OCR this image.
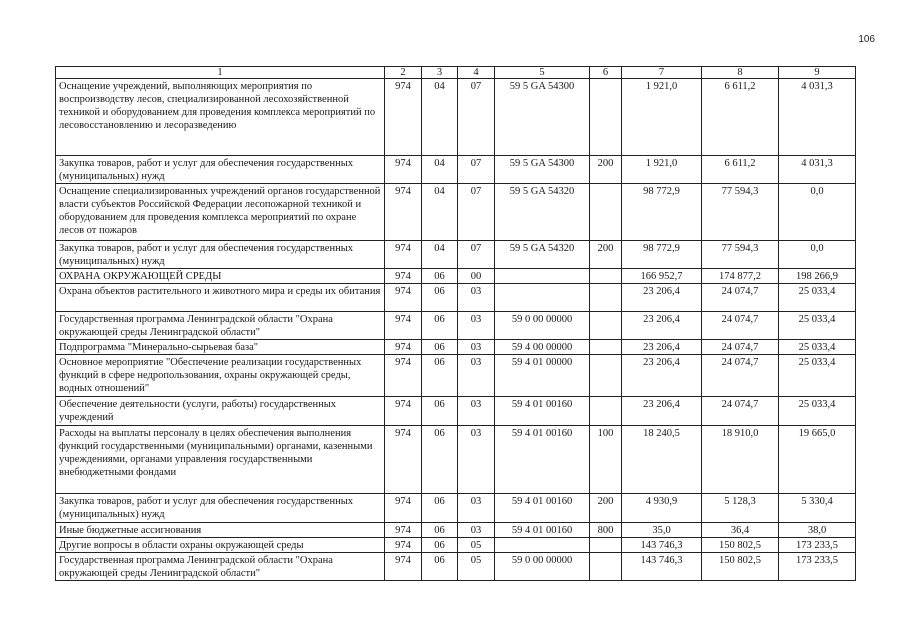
106
1	2	3	4	5	6	7	8	9
Оснащение учреждений, выполняющих мероприятия по воспроизводству лесов, специализированной лесохозяйственной техникой и оборудованием для проведения комплекса мероприятий по лесовосстановлению и лесоразведению	974	04	07	59 5 GA 54300		1 921,0	6 611,2	4 031,3
Закупка товаров, работ и услуг для обеспечения государственных (муниципальных) нужд	974	04	07	59 5 GA 54300	200	1 921,0	6 611,2	4 031,3
Оснащение специализированных учреждений органов государственной власти субъектов Российской Федерации лесопожарной техникой и оборудованием для проведения комплекса мероприятий по охране лесов от пожаров	974	04	07	59 5 GA 54320		98 772,9	77 594,3	0,0
Закупка товаров, работ и услуг для обеспечения государственных (муниципальных) нужд	974	04	07	59 5 GA 54320	200	98 772,9	77 594,3	0,0
ОХРАНА ОКРУЖАЮЩЕЙ СРЕДЫ	974	06	00			166 952,7	174 877,2	198 266,9
Охрана объектов растительного и животного мира и среды их обитания	974	06	03			23 206,4	24 074,7	25 033,4
Государственная программа Ленинградской области "Охрана окружающей среды Ленинградской области"	974	06	03	59 0 00 00000		23 206,4	24 074,7	25 033,4
Подпрограмма "Минерально-сырьевая база"	974	06	03	59 4 00 00000		23 206,4	24 074,7	25 033,4
Основное мероприятие "Обеспечение реализации государственных функций в сфере недропользования, охраны окружающей среды, водных отношений"	974	06	03	59 4 01 00000		23 206,4	24 074,7	25 033,4
Обеспечение деятельности (услуги, работы) государственных учреждений	974	06	03	59 4 01 00160		23 206,4	24 074,7	25 033,4
Расходы на выплаты персоналу в целях обеспечения выполнения функций государственными (муниципальными) органами, казенными учреждениями, органами управления государственными внебюджетными фондами	974	06	03	59 4 01 00160	100	18 240,5	18 910,0	19 665,0
Закупка товаров, работ и услуг для обеспечения государственных (муниципальных) нужд	974	06	03	59 4 01 00160	200	4 930,9	5 128,3	5 330,4
Иные бюджетные ассигнования	974	06	03	59 4 01 00160	800	35,0	36,4	38,0
Другие вопросы в области охраны окружающей среды	974	06	05			143 746,3	150 802,5	173 233,5
Государственная программа Ленинградской области "Охрана окружающей среды Ленинградской области"	974	06	05	59 0 00 00000		143 746,3	150 802,5	173 233,5
